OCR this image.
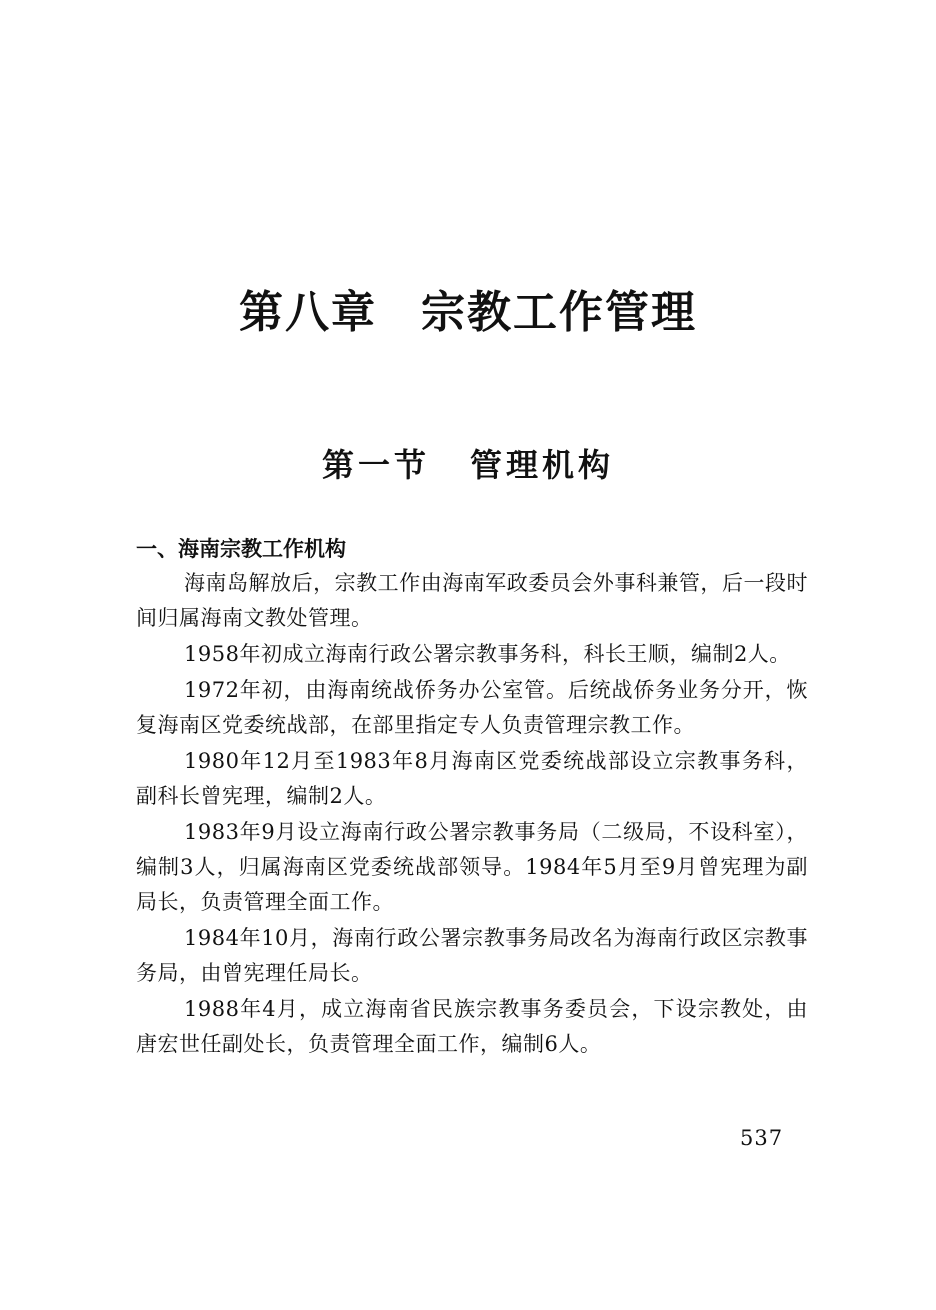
第八章 宗教工作管理
第一节 管理机构
一、海南宗教工作机构

海南岛解放后，宗教工作由海南军政委员会外事科兼管，后一段时间归属海南文教处管理。

1958年初成立海南行政公署宗教事务科，科长王顺，编制2人。

1972年初，由海南统战侨务办公室管。后统战侨务业务分开，恢复海南区党委统战部，在部里指定专人负责管理宗教工作。

1980年12月至1983年8月海南区党委统战部设立宗教事务科，副科长曾宪理，编制2人。

1983年9月设立海南行政公署宗教事务局（二级局，不设科室），编制3人，归属海南区党委统战部领导。1984年5月至9月曾宪理为副局长，负责管理全面工作。

1984年10月，海南行政公署宗教事务局改名为海南行政区宗教事务局，由曾宪理任局长。

1988年4月，成立海南省民族宗教事务委员会，下设宗教处，由唐宏世任副处长，负责管理全面工作，编制6人。

537
